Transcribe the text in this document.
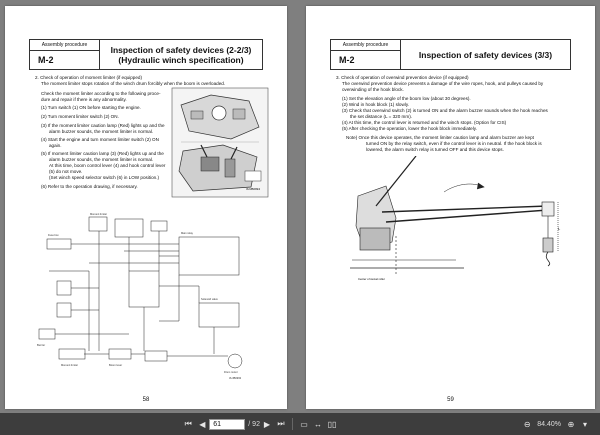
Assembly procedure
M-2
Inspection of safety devices (2-2/3)
(Hydraulic winch specification)

2. Check of operation of moment limiter (if equipped)

The moment limiter stops rotation of the winch drum forcibly when the boom is overloaded.

Check the moment limiter according to the following proce-

dure and repair if there is any abnormality.

(1) Turn switch (1) ON before starting the engine.

(2) Turn moment limiter switch (2) ON.

(3) If the moment limiter caution lamp (Red) lights up and the

alarm buzzer sounds, the moment limiter is normal.

(4) Start the engine and turn moment limiter switch (2) ON

again.

(5) If moment limiter caution lamp (3) (Red) lights up and the

alarm buzzer sounds, the moment limiter is normal.

At this time, boom control lever (4) and hook control lever

(5) do not move.

(Set winch speed selector switch (6) in LOW position.)

(6) Refer to the operation drawing, if necessary.	3UJB0994
Fuse box
Moment limiter
Main relay
Solenoid valve
Buzzer
Moment limiter	Boom lever
Drum motor
3UJB0993
58
Assembly procedure
M-2
Inspection of safety devices (3/3)

3. Check of operation of overwind prevention device (if equipped)

The overwind prevention device prevents a damage of the wire ropes, hook, and pulleys caused by

overwinding of the hook block.

(1) Set the elevation angle of the boom low (about 30 degrees).

(2) Wind in hook block (1) slowly.

(3) Check that overwind switch (2) is turned ON and the alarm buzzer sounds when the hook reaches

the set distance (L = 320 mm).

(4) At this time, the control lever is returned and the winch stops. (Option for CIS)

(5) After checking the operation, lower the hook block immediately.

Note) Once this device operates, the moment limiter caution lamp and alarm buzzer are kept

turned ON by the relay switch, even if the control lever is in neutral. If the hook block is

lowered, the alarm switch relay is turned OFF and this device stops.

L
Center of swivel roller
59
⏮ ◀	61	/ 92 ▶ ⏭	▭ ↔ ▯▯	⊖ 84.40% ⊕	▾
